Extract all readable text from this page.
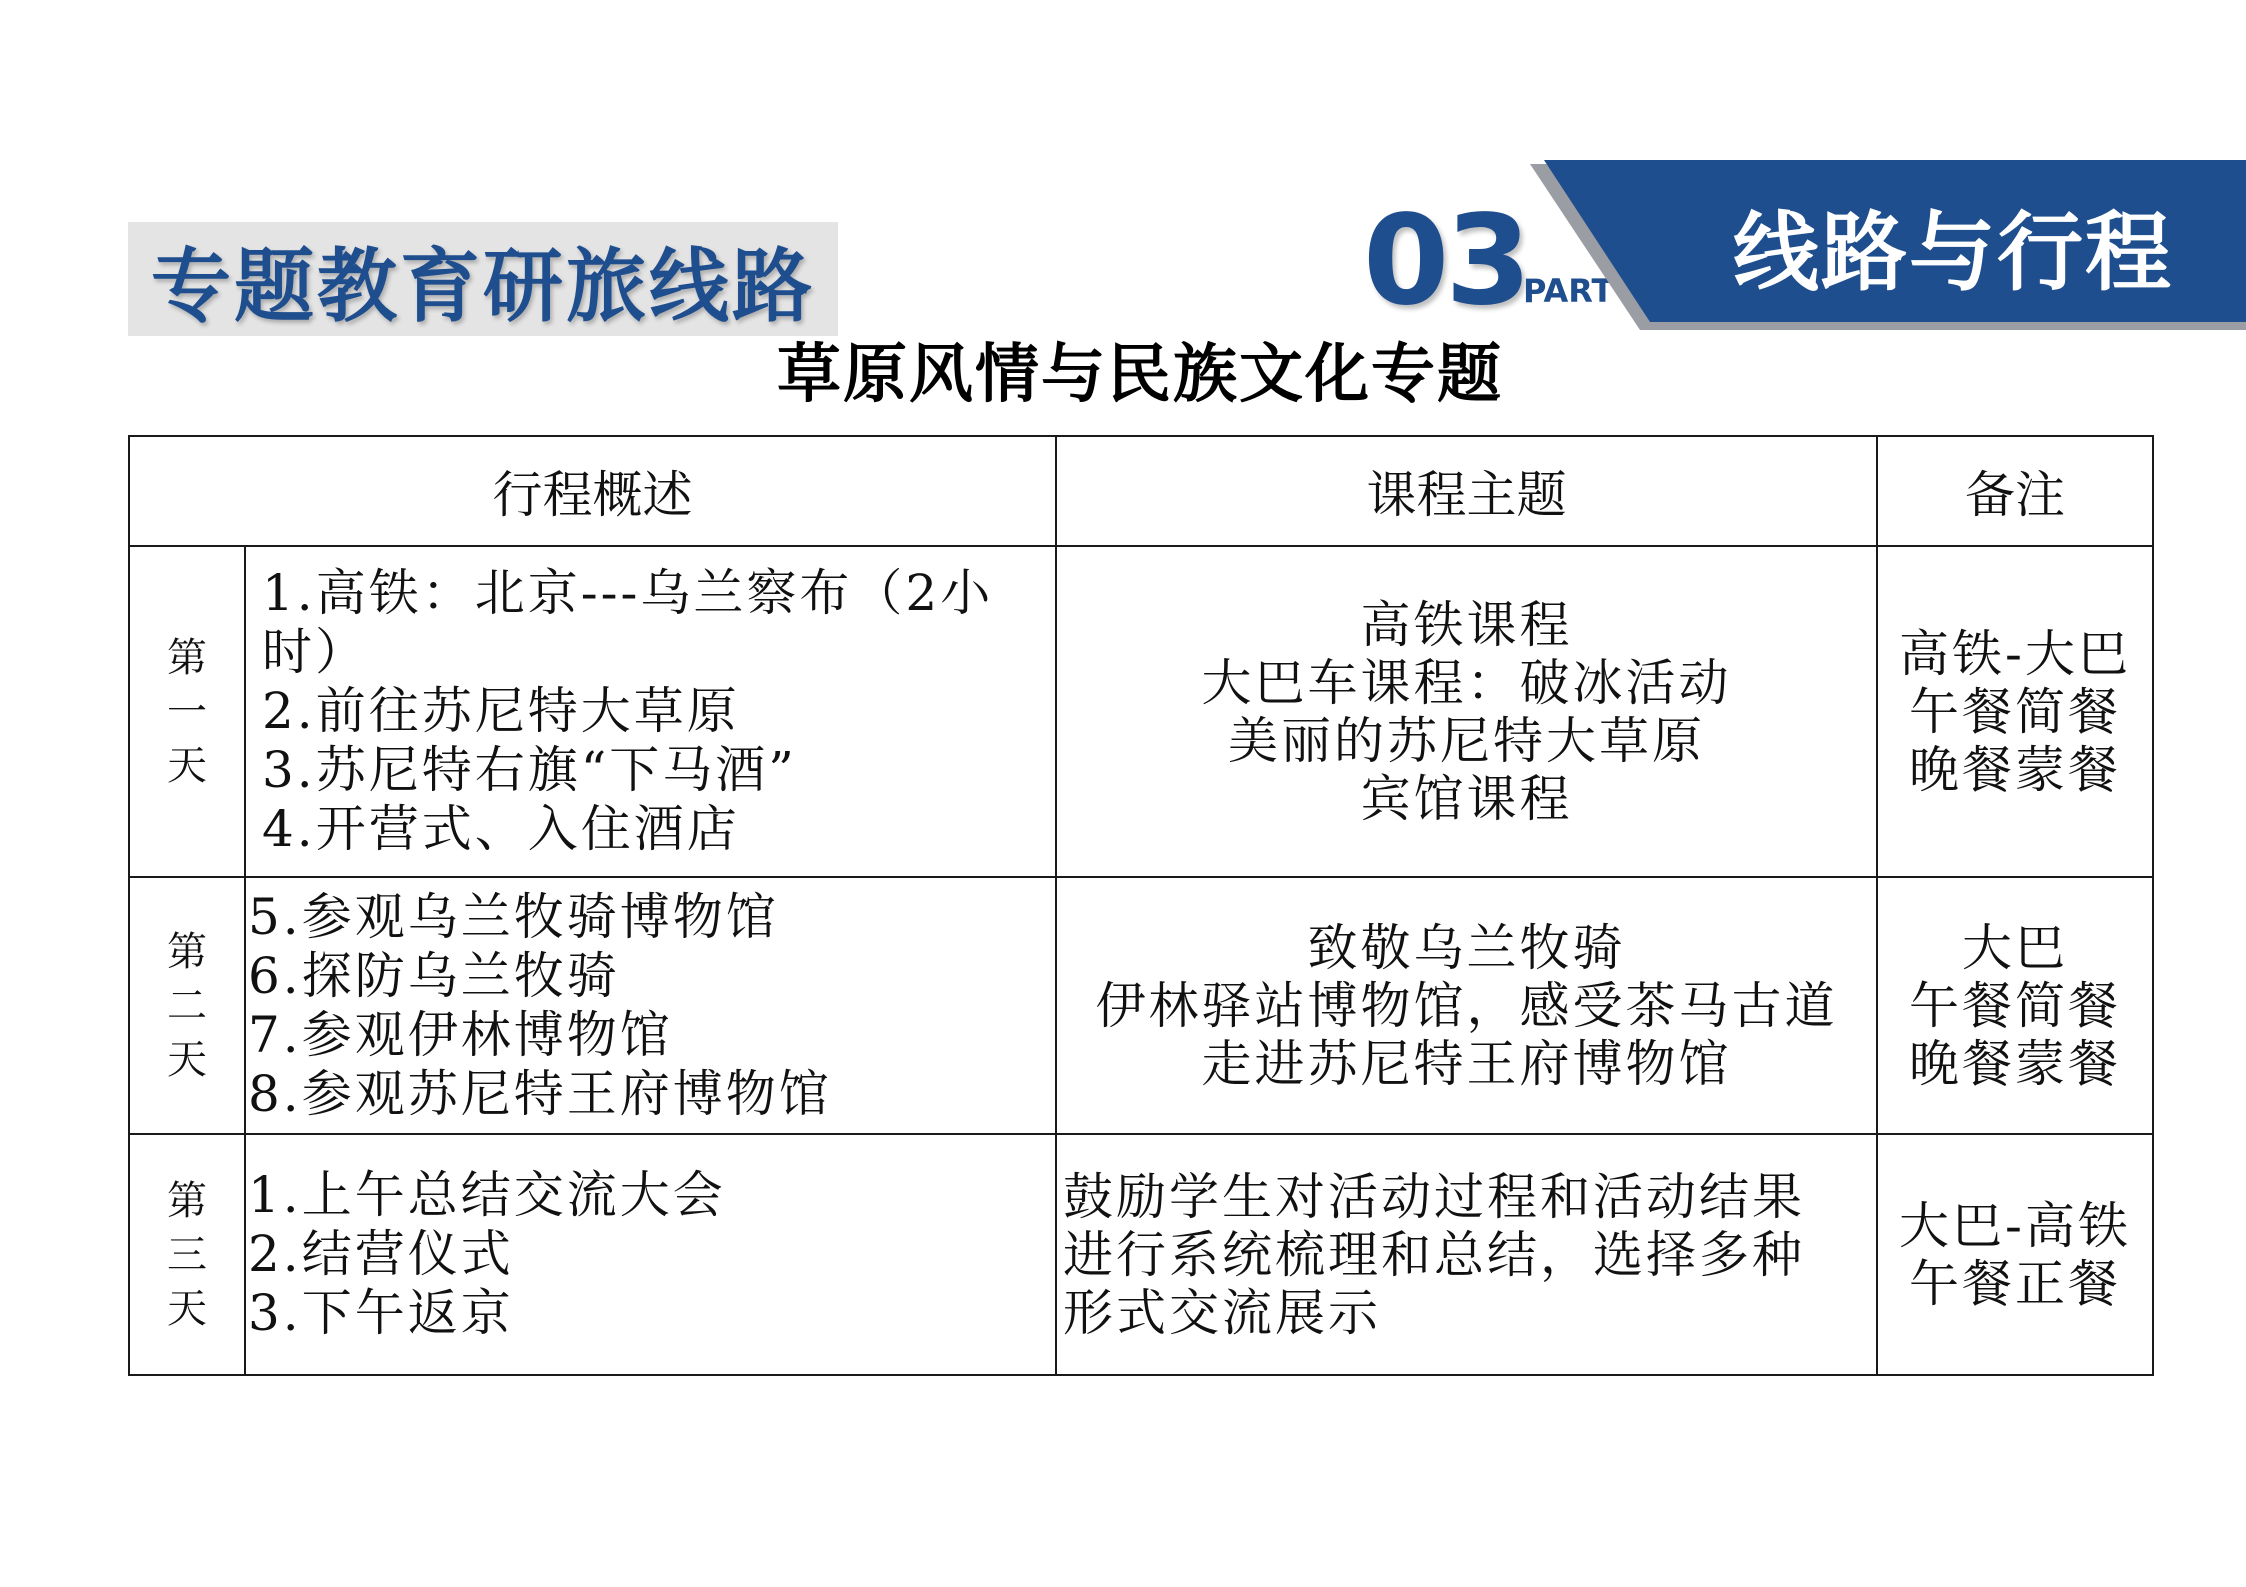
专题教育研旅线路	03
PART	线路与行程
草原风情与民族文化专题
行程概述		课程主题	备注

第
一
天	1.高铁：北京---乌兰察布（2小时）
2.前往苏尼特大草原
3.苏尼特右旗“下马酒”
4.开营式、入住酒店	高铁课程
大巴车课程：破冰活动
美丽的苏尼特大草原
宾馆课程	高铁-大巴
午餐简餐
晚餐蒙餐

第
二
天	5.参观乌兰牧骑博物馆
6.探防乌兰牧骑
7.参观伊林博物馆
8.参观苏尼特王府博物馆	致敬乌兰牧骑
伊林驿站博物馆，感受茶马古道
走进苏尼特王府博物馆	大巴
午餐简餐
晚餐蒙餐

第
三
天	1.上午总结交流大会
2.结营仪式
3.下午返京	鼓励学生对活动过程和活动结果
进行系统梳理和总结，选择多种
形式交流展示	大巴-高铁
午餐正餐
